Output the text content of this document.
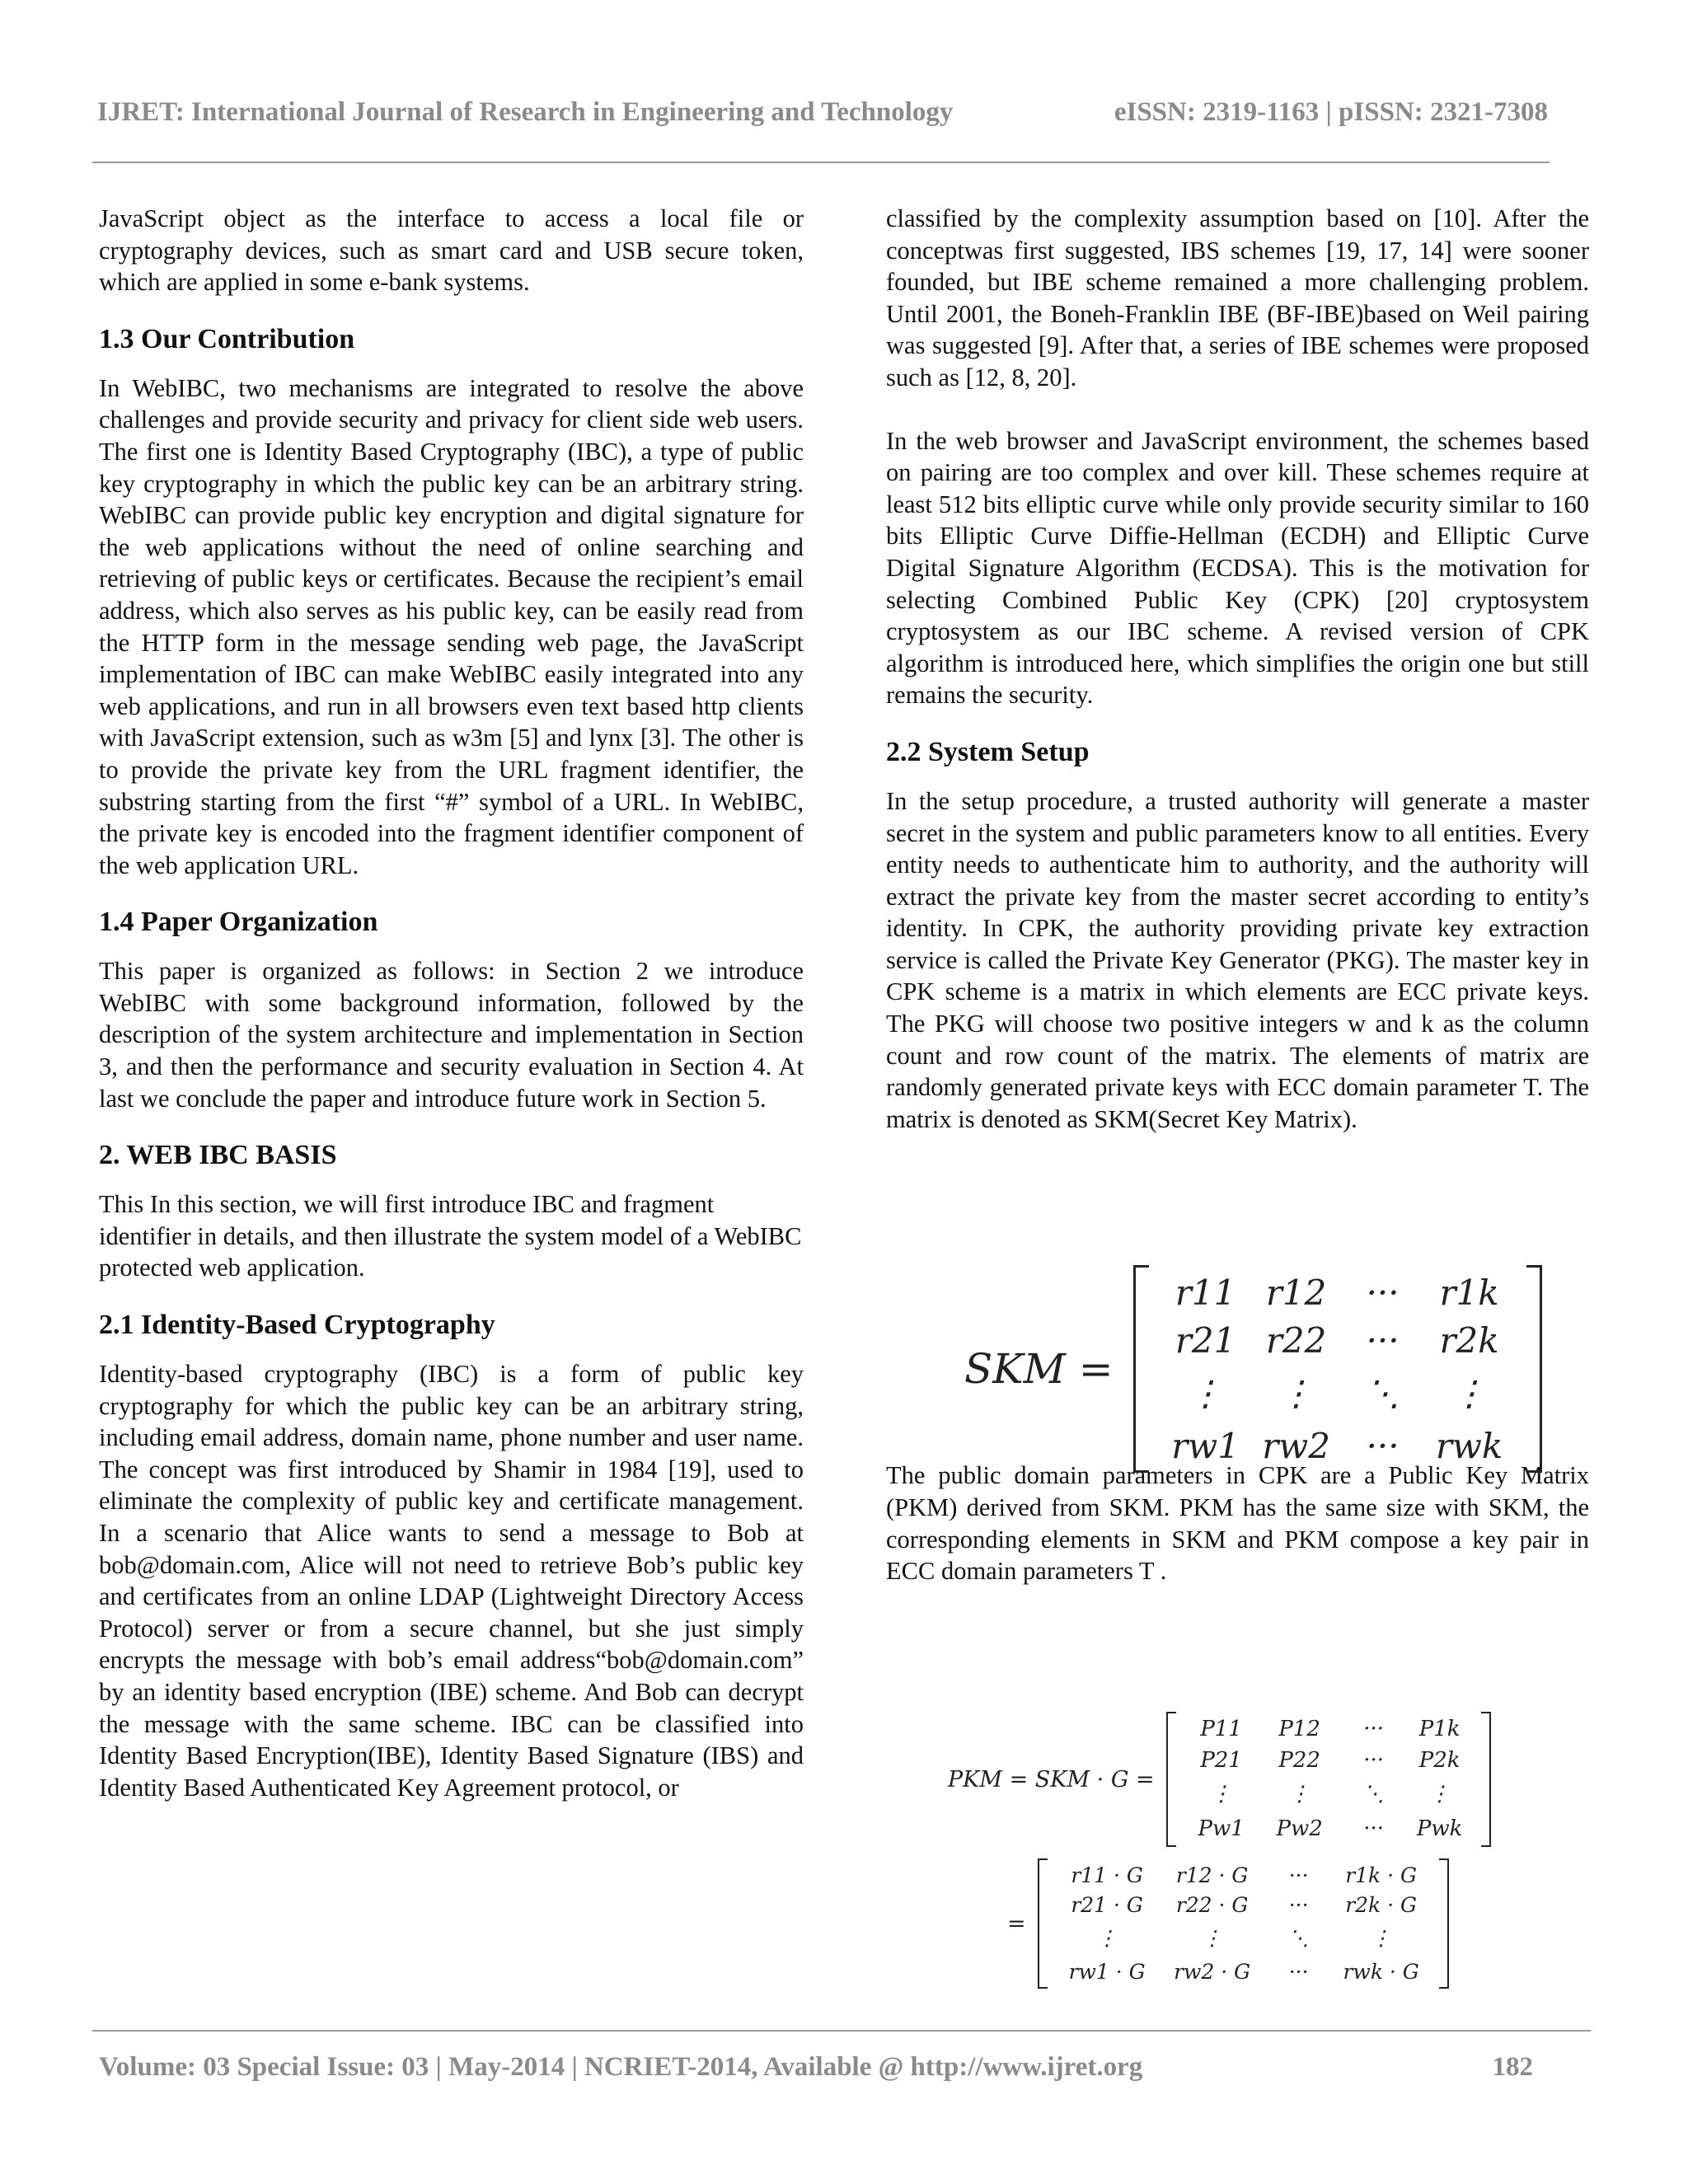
IJRET: International Journal of Research in Engineering and Technology	eISSN: 2319-1163 | pISSN: 2321-7308

JavaScript object as the interface to access a local file or cryptography devices, such as smart card and USB secure token, which are applied in some e-bank systems.

1.3 Our Contribution

In WebIBC, two mechanisms are integrated to resolve the above challenges and provide security and privacy for client side web users. The first one is Identity Based Cryptography (IBC), a type of public key cryptography in which the public key can be an arbitrary string. WebIBC can provide public key encryption and digital signature for the web applications without the need of online searching and retrieving of public keys or certificates. Because the recipient’s email address, which also serves as his public key, can be easily read from the HTTP form in the message sending web page, the JavaScript implementation of IBC can make WebIBC easily integrated into any web applications, and run in all browsers even text based http clients with JavaScript extension, such as w3m [5] and lynx [3]. The other is to provide the private key from the URL fragment identifier, the substring starting from the first “#” symbol of a URL. In WebIBC, the private key is encoded into the fragment identifier component of the web application URL.

1.4 Paper Organization

This paper is organized as follows: in Section 2 we introduce WebIBC with some background information, followed by the description of the system architecture and implementation in Section 3, and then the performance and security evaluation in Section 4. At last we conclude the paper and introduce future work in Section 5.

2. WEB IBC BASIS

This In this section, we will first introduce IBC and fragment identifier in details, and then illustrate the system model of a WebIBC protected web application.

2.1 Identity-Based Cryptography

Identity-based cryptography (IBC) is a form of public key cryptography for which the public key can be an arbitrary string, including email address, domain name, phone number and user name. The concept was first introduced by Shamir in 1984 [19], used to eliminate the complexity of public key and certificate management. In a scenario that Alice wants to send a message to Bob at bob@domain.com, Alice will not need to retrieve Bob’s public key and certificates from an online LDAP (Lightweight Directory Access Protocol) server or from a secure channel, but she just simply encrypts the message with bob’s email address“bob@domain.com” by an identity based encryption (IBE) scheme. And Bob can decrypt the message with the same scheme. IBC can be classified into Identity Based Encryption(IBE), Identity Based Signature (IBS) and Identity Based Authenticated Key Agreement protocol, or

classified by the complexity assumption based on [10]. After the conceptwas first suggested, IBS schemes [19, 17, 14] were sooner founded, but IBE scheme remained a more challenging problem. Until 2001, the Boneh-Franklin IBE (BF-IBE)based on Weil pairing was suggested [9]. After that, a series of IBE schemes were proposed such as [12, 8, 20].

In the web browser and JavaScript environment, the schemes based on pairing are too complex and over kill. These schemes require at least 512 bits elliptic curve while only provide security similar to 160 bits Elliptic Curve Diffie-Hellman (ECDH) and Elliptic Curve Digital Signature Algorithm (ECDSA). This is the motivation for selecting Combined Public Key (CPK) [20] cryptosystem cryptosystem as our IBC scheme. A revised version of CPK algorithm is introduced here, which simplifies the origin one but still remains the security.

2.2 System Setup

In the setup procedure, a trusted authority will generate a master secret in the system and public parameters know to all entities. Every entity needs to authenticate him to authority, and the authority will extract the private key from the master secret according to entity’s identity. In CPK, the authority providing private key extraction service is called the Private Key Generator (PKG). The master key in CPK scheme is a matrix in which elements are ECC private keys. The PKG will choose two positive integers w and k as the column count and row count of the matrix. The elements of matrix are randomly generated private keys with ECC domain parameter T. The matrix is denoted as SKM(Secret Key Matrix).

The public domain parameters in CPK are a Public Key Matrix (PKM) derived from SKM. PKM has the same size with SKM, the corresponding elements in SKM and PKM compose a key pair in ECC domain parameters T .

SKM =
r11 r12 ··· r1k
r21 r22 ··· r2k
⋮ ⋮ ⋱ ⋮
rw1 rw2 ··· rwk
PKM = SKM · G =
P11 P12 ··· P1k
P21 P22 ··· P2k
⋮	⋮ ⋱ ⋮
Pw1 Pw2 ··· Pwk
=
r11 · G r12 · G ··· r1k · G
r21 · G r22 · G ··· r2k · G
⋮	⋮	⋱	⋮
rw1 · G rw2 · G ··· rwk · G
Volume: 03 Special Issue: 03 | May-2014 | NCRIET-2014, Available @ http://www.ijret.org	182
